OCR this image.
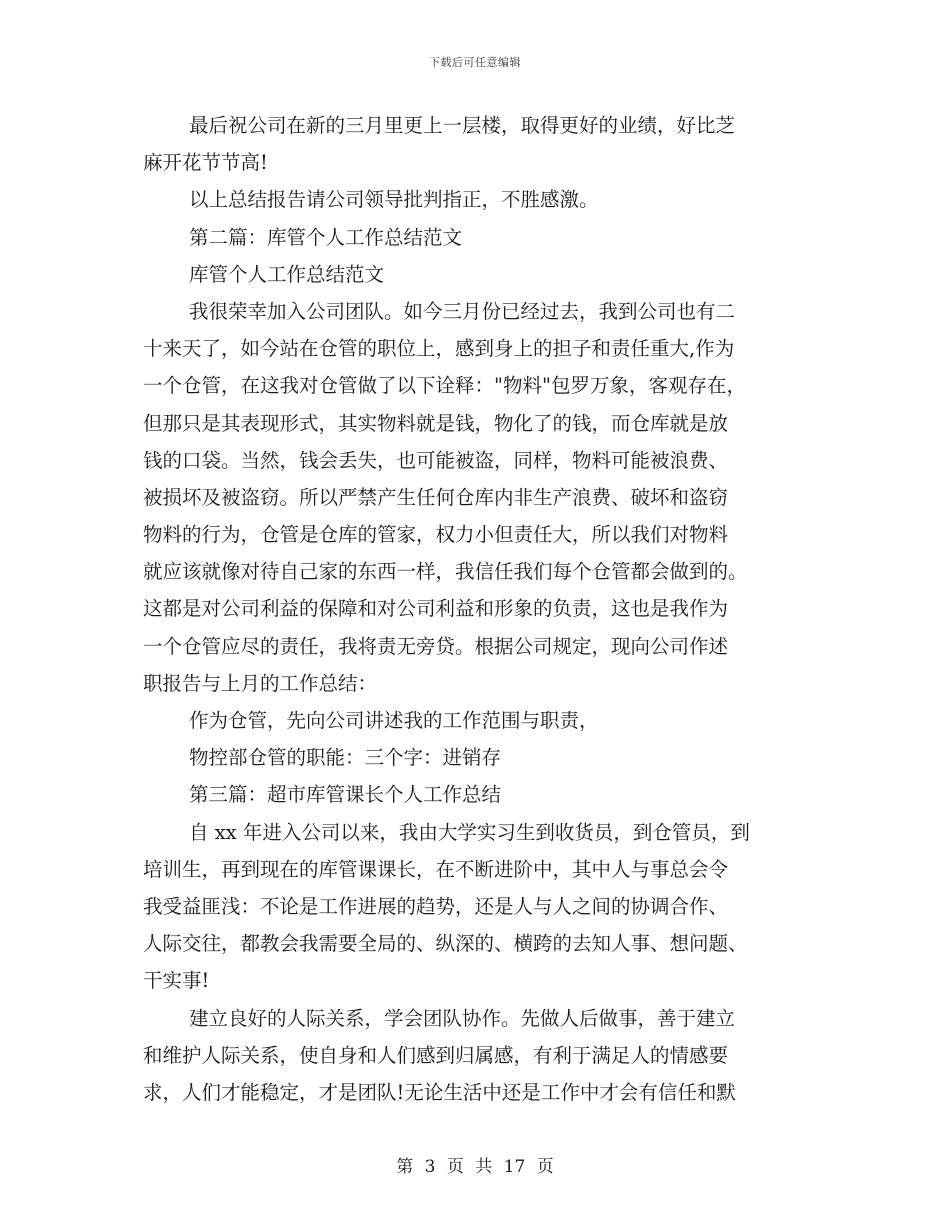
下载后可任意编辑
最后祝公司在新的三月里更上一层楼，取得更好的业绩，好比芝
麻开花节节高!
以上总结报告请公司领导批判指正，不胜感激。
第二篇：库管个人工作总结范文
库管个人工作总结范文
我很荣幸加入公司团队。如今三月份已经过去，我到公司也有二
十来天了，如今站在仓管的职位上，感到身上的担子和责任重大,作为
一个仓管，在这我对仓管做了以下诠释："物料"包罗万象，客观存在，
但那只是其表现形式，其实物料就是钱，物化了的钱，而仓库就是放
钱的口袋。当然，钱会丢失，也可能被盗，同样，物料可能被浪费、
被损坏及被盗窃。所以严禁产生任何仓库内非生产浪费、破坏和盗窃
物料的行为，仓管是仓库的管家，权力小但责任大，所以我们对物料
就应该就像对待自己家的东西一样，我信任我们每个仓管都会做到的。
这都是对公司利益的保障和对公司利益和形象的负责，这也是我作为
一个仓管应尽的责任，我将责无旁贷。根据公司规定，现向公司作述
职报告与上月的工作总结：
作为仓管，先向公司讲述我的工作范围与职责，
物控部仓管的职能：三个字：进销存
第三篇：超市库管课长个人工作总结
自 xx 年进入公司以来，我由大学实习生到收货员，到仓管员，到
培训生，再到现在的库管课课长，在不断进阶中，其中人与事总会令
我受益匪浅：不论是工作进展的趋势，还是人与人之间的协调合作、
人际交往，都教会我需要全局的、纵深的、横跨的去知人事、想问题、
干实事!
建立良好的人际关系，学会团队协作。先做人后做事，善于建立
和维护人际关系，使自身和人们感到归属感，有利于满足人的情感要
求，人们才能稳定，才是团队!无论生活中还是工作中才会有信任和默
第 3 页 共 17 页
